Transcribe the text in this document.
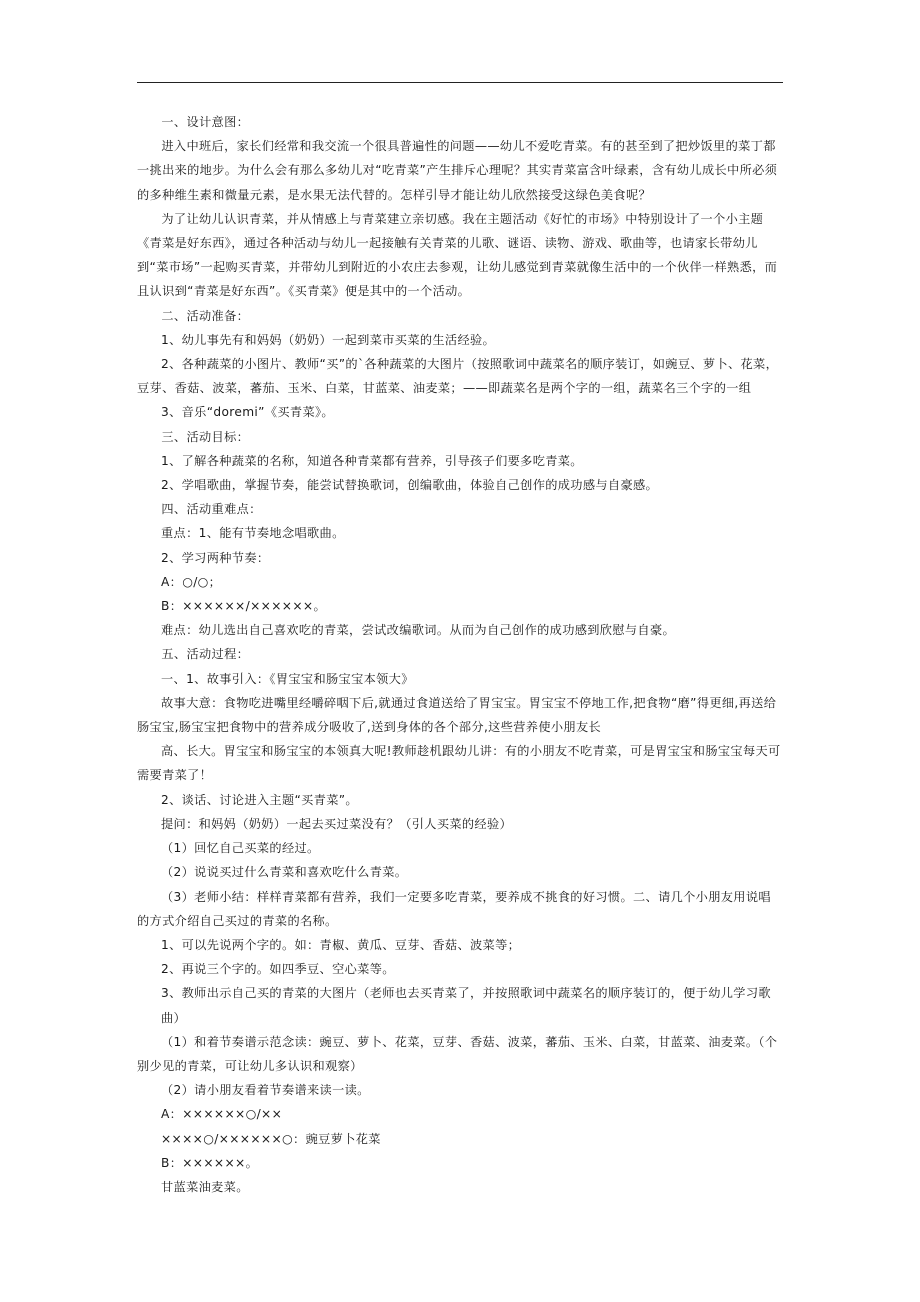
一、设计意图：

进入中班后，家长们经常和我交流一个很具普遍性的问题——幼儿不爱吃青菜。有的甚至到了把炒饭里的菜丁都一挑出来的地步。为什么会有那么多幼儿对“吃青菜”产生排斥心理呢？其实青菜富含叶绿素，含有幼儿成长中所必须的多种维生素和微量元素，是水果无法代替的。怎样引导才能让幼儿欣然接受这绿色美食呢？

为了让幼儿认识青菜，并从情感上与青菜建立亲切感。我在主题活动《好忙的市场》中特别设计了一个小主题《青菜是好东西》，通过各种活动与幼儿一起接触有关青菜的儿歌、谜语、读物、游戏、歌曲等，也请家长带幼儿到“菜市场”一起购买青菜，并带幼儿到附近的小农庄去参观，让幼儿感觉到青菜就像生活中的一个伙伴一样熟悉，而且认识到“青菜是好东西”。《买青菜》便是其中的一个活动。

二、活动准备：

1、幼儿事先有和妈妈（奶奶）一起到菜市买菜的生活经验。

2、各种蔬菜的小图片、教师“买”的`各种蔬菜的大图片（按照歌词中蔬菜名的顺序装订，如豌豆、萝卜、花菜，豆芽、香菇、波菜，蕃茄、玉米、白菜，甘蓝菜、油麦菜；——即蔬菜名是两个字的一组，蔬菜名三个字的一组

3、音乐“doremi”《买青菜》。

三、活动目标：

1、了解各种蔬菜的名称，知道各种青菜都有营养，引导孩子们要多吃青菜。

2、学唱歌曲，掌握节奏，能尝试替换歌词，创编歌曲，体验自己创作的成功感与自豪感。

四、活动重难点：

重点：1、能有节奏地念唱歌曲。

2、学习两种节奏：

A：○/○；

B：××××××/××××××。

难点：幼儿选出自己喜欢吃的青菜，尝试改编歌词。从而为自己创作的成功感到欣慰与自豪。

五、活动过程：

一、1、故事引入：《胃宝宝和肠宝宝本领大》

故事大意：食物吃进嘴里经嚼碎咽下后,就通过食道送给了胃宝宝。胃宝宝不停地工作,把食物“磨”得更细,再送给肠宝宝,肠宝宝把食物中的营养成分吸收了,送到身体的各个部分,这些营养使小朋友长

高、长大。胃宝宝和肠宝宝的本领真大呢!教师趁机跟幼儿讲：有的小朋友不吃青菜，可是胃宝宝和肠宝宝每天可需要青菜了！

2、谈话、讨论进入主题“买青菜”。

提问：和妈妈（奶奶）一起去买过菜没有？（引人买菜的经验）

（1）回忆自己买菜的经过。

（2）说说买过什么青菜和喜欢吃什么青菜。

（3）老师小结：样样青菜都有营养，我们一定要多吃青菜，要养成不挑食的好习惯。二、请几个小朋友用说唱的方式介绍自己买过的青菜的名称。

1、可以先说两个字的。如：青椒、黄瓜、豆芽、香菇、波菜等；

2、再说三个字的。如四季豆、空心菜等。

3、教师出示自己买的青菜的大图片（老师也去买青菜了，并按照歌词中蔬菜名的顺序装订的，便于幼儿学习歌曲）

（1）和着节奏谱示范念读：豌豆、萝卜、花菜，豆芽、香菇、波菜，蕃茄、玉米、白菜，甘蓝菜、油麦菜。（个别少见的青菜，可让幼儿多认识和观察）

（2）请小朋友看着节奏谱来读一读。

A：××××××○/××

××××○/××××××○：豌豆萝卜花菜

B：××××××。

甘蓝菜油麦菜。
